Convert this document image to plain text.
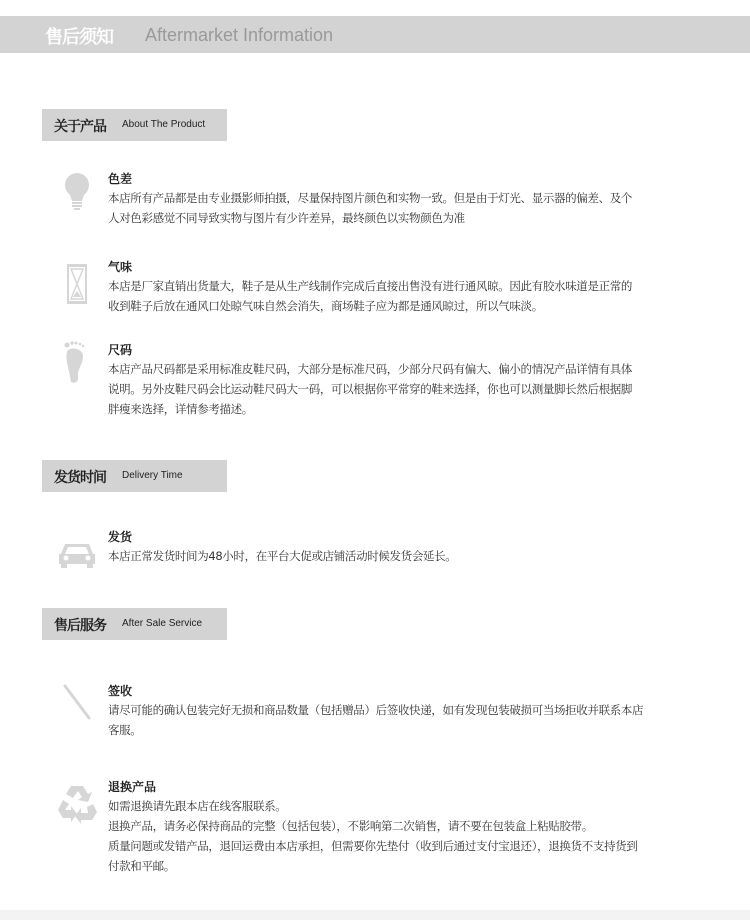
售后须知 Aftermarket Information
关于产品 About The Product
发货时间 Delivery Time
售后服务 After Sale Service
色差
本店所有产品都是由专业摄影师拍摄，尽量保持图片颜色和实物一致。但是由于灯光、显示器的偏差、及个
人对色彩感觉不同导致实物与图片有少许差异，最终颜色以实物颜色为准
气味
本店是厂家直销出货量大，鞋子是从生产线制作完成后直接出售没有进行通风晾。因此有胶水味道是正常的
收到鞋子后放在通风口处晾气味自然会消失，商场鞋子应为都是通风晾过，所以气味淡。
尺码
本店产品尺码都是采用标准皮鞋尺码，大部分是标准尺码，少部分尺码有偏大、偏小的情况产品详情有具体
说明。另外皮鞋尺码会比运动鞋尺码大一码，可以根据你平常穿的鞋来选择，你也可以测量脚长然后根据脚
胖瘦来选择，详情参考描述。
发货
本店正常发货时间为48小时，在平台大促或店铺活动时候发货会延长。
签收
请尽可能的确认包装完好无损和商品数量（包括赠品）后签收快递，如有发现包装破损可当场拒收并联系本店
客服。
退换产品
如需退换请先跟本店在线客服联系。
退换产品，请务必保持商品的完整（包括包装），不影响第二次销售，请不要在包装盒上粘贴胶带。
质量问题或发错产品，退回运费由本店承担，但需要你先垫付（收到后通过支付宝退还），退换货不支持货到
付款和平邮。
